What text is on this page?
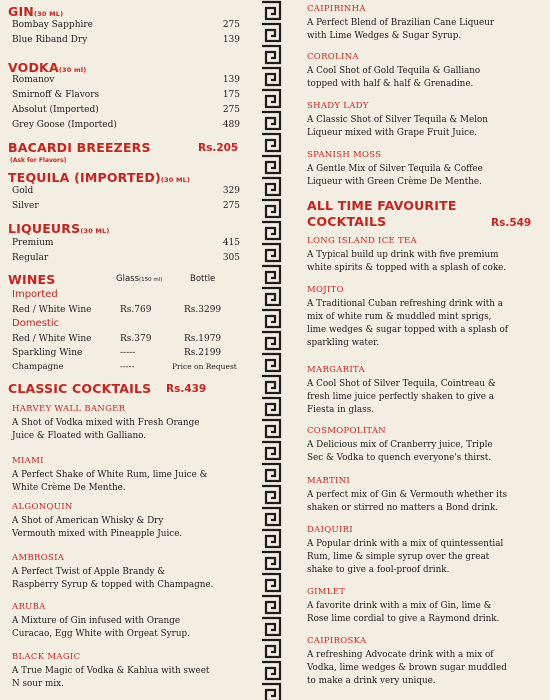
GIN(30 ML)
Bombay Sapphire	275
Blue Riband Dry	139
VODKA(30 ml)
Romanov	139
Smirnoff & Flavors	175
Absolut (Imported)	275
Grey Goose (Imported)	489
BACARDI BREEZERS	Rs.205
(Ask for Flavors)
TEQUILA (IMPORTED)(30 ML)
Gold	329
Silver	275
LIQUEURS(30 ML)
Premium	415
Regular	305
WINES	Glass(150 ml)	Bottle
Imported
Red / White Wine	Rs.769	Rs.3299
Domestic
Red / White Wine	Rs.379	Rs.1979
Sparkling Wine	-----	Rs.2199
Champagne	-----	Price on Request
CLASSIC COCKTAILS Rs.439
HARVEY WALL BANGER
A Shot of Vodka mixed with Fresh Orange
Juice & Floated with Galliano.
MIAMI
A Perfect Shake of White Rum, lime Juice &
White Crème De Menthe.
ALGONQUIN
A Shot of American Whisky & Dry
Vermouth mixed with Pineapple Juice.
AMBROSIA
A Perfect Twist of Apple Brandy &
Raspberry Syrup & topped with Champagne.
ARUBA
A Mixture of Gin infused with Orange
Curacao, Egg White with Orgeat Syrup.
BLACK MAGIC
A True Magic of Vodka & Kahlua with sweet
N sour mix.
CAIPIRINHA
A Perfect Blend of Brazilian Cane Liqueur
with Lime Wedges & Sugar Syrup.
COROLINA
A Cool Shot of Gold Tequila & Galliano
topped with half & half & Grenadine.
SHADY LADY
A Classic Shot of Silver Tequila & Melon
Liqueur mixed with Grape Fruit Juice.
SPANISH MOSS
A Gentle Mix of Silver Tequila & Coffee
Liqueur with Green Crème De Menthe.
ALL TIME FAVOURITE
COCKTAILS	Rs.549
LONG ISLAND ICE TEA
A Typical build up drink with five premium
white spirits & topped with a splash of coke.
MOJITO
A Traditional Cuban refreshing drink with a
mix of white rum & muddled mint sprigs,
lime wedges & sugar topped with a splash of
sparkling water.
MARGARITA
A Cool Shot of Silver Tequila, Cointreau &
fresh lime juice perfectly shaken to give a
Fiesta in glass.
COSMOPOLITAN
A Delicious mix of Cranberry juice, Triple
Sec & Vodka to quench everyone's thirst.
MARTINI
A perfect mix of Gin & Vermouth whether its
shaken or stirred no matters a Bond drink.
DAIQUIRI
A Popular drink with a mix of quintessential
Rum, lime & simple syrup over the great
shake to give a fool-proof drink.
GIMLET
A favorite drink with a mix of Gin, lime &
Rose lime cordial to give a Raymond drink.
CAIPIROSKA
A refreshing Advocate drink with a mix of
Vodka, lime wedges & brown sugar muddled
to make a drink very unique.
